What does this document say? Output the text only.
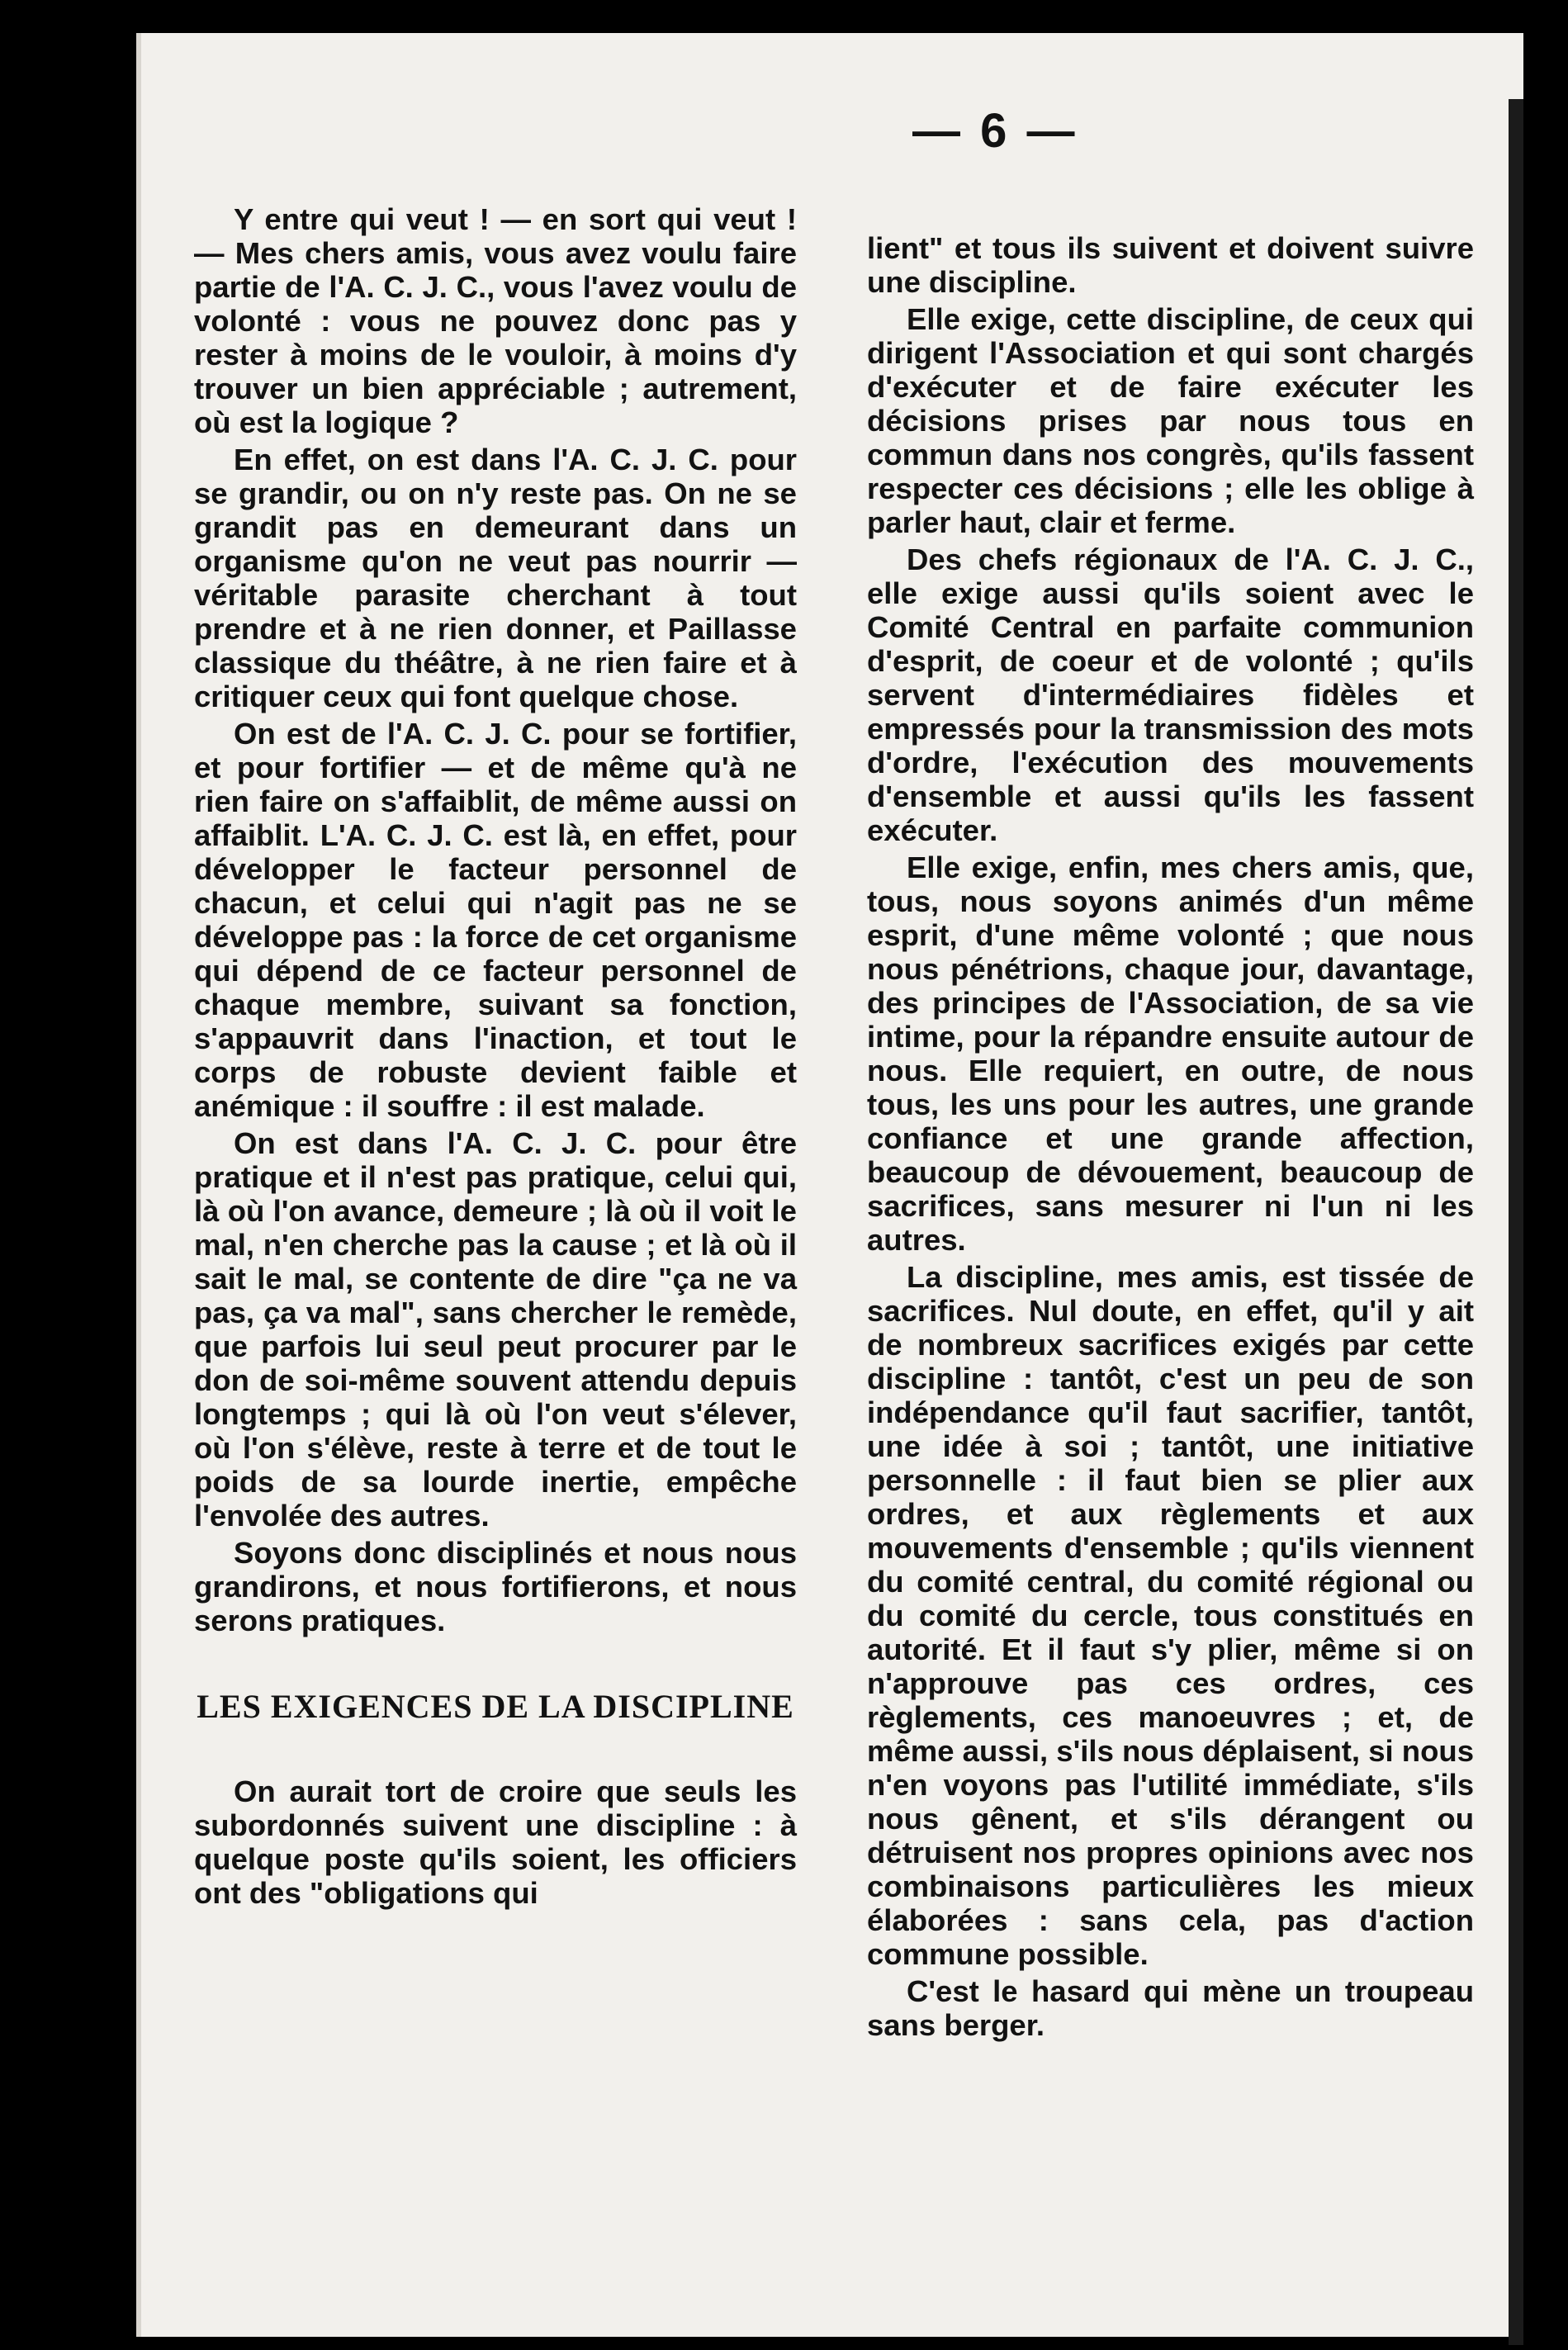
— 6 —

Y entre qui veut ! — en sort qui veut ! — Mes chers amis, vous avez voulu faire partie de l'A. C. J. C., vous l'avez voulu de volonté : vous ne pouvez donc pas y rester à moins de le vouloir, à moins d'y trouver un bien appréciable ; autrement, où est la logique ?

En effet, on est dans l'A. C. J. C. pour se grandir, ou on n'y reste pas. On ne se grandit pas en demeurant dans un organisme qu'on ne veut pas nourrir — véritable parasite cherchant à tout prendre et à ne rien donner, et Paillasse classique du théâtre, à ne rien faire et à critiquer ceux qui font quelque chose.

On est de l'A. C. J. C. pour se fortifier, et pour fortifier — et de même qu'à ne rien faire on s'affaiblit, de même aussi on affaiblit. L'A. C. J. C. est là, en effet, pour développer le facteur personnel de chacun, et celui qui n'agit pas ne se développe pas : la force de cet organisme qui dépend de ce facteur personnel de chaque membre, suivant sa fonction, s'appauvrit dans l'inaction, et tout le corps de robuste devient faible et anémique : il souffre : il est malade.

On est dans l'A. C. J. C. pour être pratique et il n'est pas pratique, celui qui, là où l'on avance, demeure ; là où il voit le mal, n'en cherche pas la cause ; et là où il sait le mal, se contente de dire "ça ne va pas, ça va mal", sans chercher le remède, que parfois lui seul peut procurer par le don de soi-même souvent attendu depuis longtemps ; qui là où l'on veut s'élever, où l'on s'élève, reste à terre et de tout le poids de sa lourde inertie, empêche l'envolée des autres.

Soyons donc disciplinés et nous nous grandirons, et nous fortifierons, et nous serons pratiques.

LES EXIGENCES DE LA DISCIPLINE

On aurait tort de croire que seuls les subordonnés suivent une discipline : à quelque poste qu'ils soient, les officiers ont des "obligations qui

lient" et tous ils suivent et doivent suivre une discipline.

Elle exige, cette discipline, de ceux qui dirigent l'Association et qui sont chargés d'exécuter et de faire exécuter les décisions prises par nous tous en commun dans nos congrès, qu'ils fassent respecter ces décisions ; elle les oblige à parler haut, clair et ferme.

Des chefs régionaux de l'A. C. J. C., elle exige aussi qu'ils soient avec le Comité Central en parfaite communion d'esprit, de coeur et de volonté ; qu'ils servent d'intermédiaires fidèles et empressés pour la transmission des mots d'ordre, l'exécution des mouvements d'ensemble et aussi qu'ils les fassent exécuter.

Elle exige, enfin, mes chers amis, que, tous, nous soyons animés d'un même esprit, d'une même volonté ; que nous nous pénétrions, chaque jour, davantage, des principes de l'Association, de sa vie intime, pour la répandre ensuite autour de nous. Elle requiert, en outre, de nous tous, les uns pour les autres, une grande confiance et une grande affection, beaucoup de dévouement, beaucoup de sacrifices, sans mesurer ni l'un ni les autres.

La discipline, mes amis, est tissée de sacrifices. Nul doute, en effet, qu'il y ait de nombreux sacrifices exigés par cette discipline : tantôt, c'est un peu de son indépendance qu'il faut sacrifier, tantôt, une idée à soi ; tantôt, une initiative personnelle : il faut bien se plier aux ordres, et aux règlements et aux mouvements d'ensemble ; qu'ils viennent du comité central, du comité régional ou du comité du cercle, tous constitués en autorité. Et il faut s'y plier, même si on n'approuve pas ces ordres, ces règlements, ces manoeuvres ; et, de même aussi, s'ils nous déplaisent, si nous n'en voyons pas l'utilité immédiate, s'ils nous gênent, et s'ils dérangent ou détruisent nos propres opinions avec nos combinaisons particulières les mieux élaborées : sans cela, pas d'action commune possible.

C'est le hasard qui mène un troupeau sans berger.
